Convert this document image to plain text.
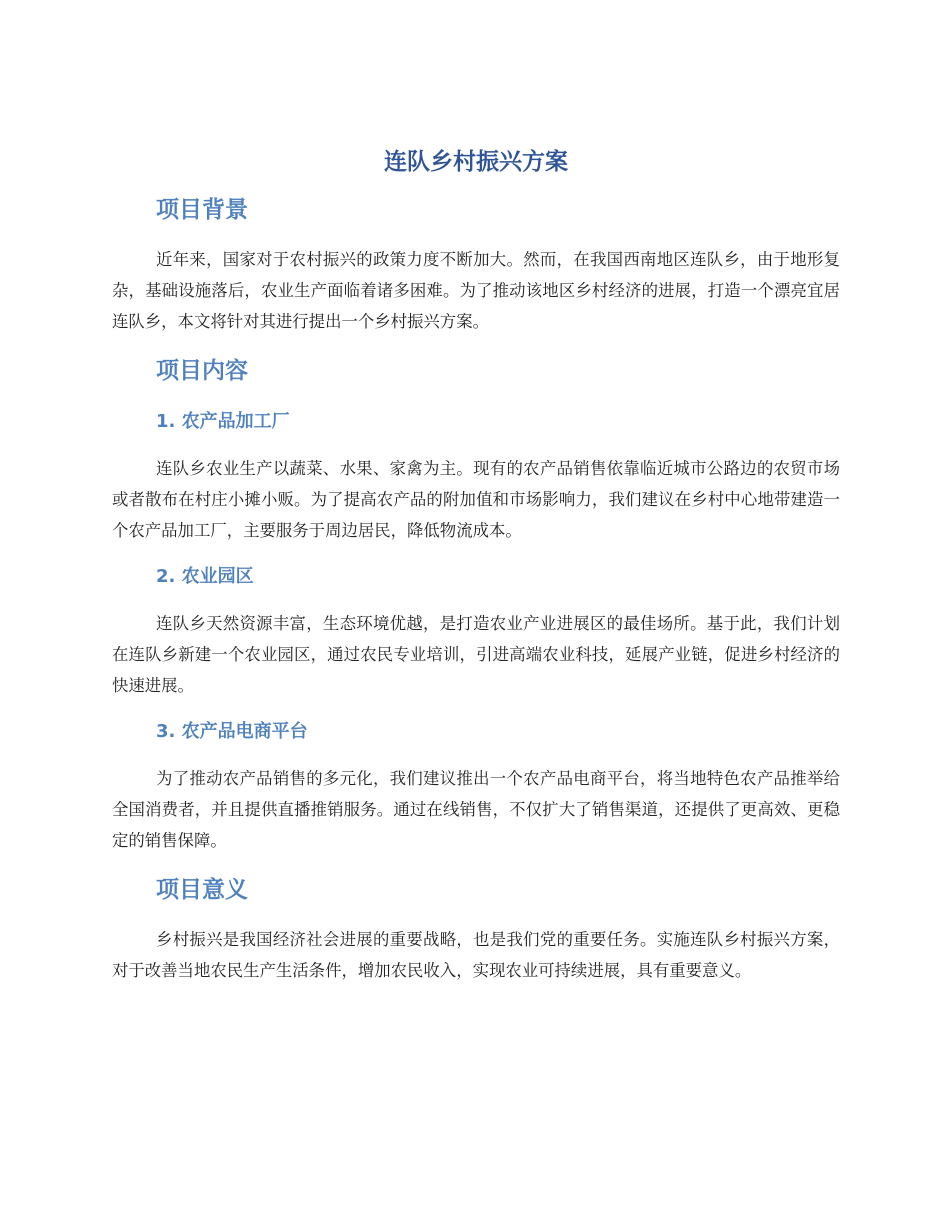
连队乡村振兴方案
项目背景

近年来，国家对于农村振兴的政策力度不断加大。然而，在我国西南地区连队乡，由于地形复杂，基础设施落后，农业生产面临着诸多困难。为了推动该地区乡村经济的进展，打造一个漂亮宜居连队乡，本文将针对其进行提出一个乡村振兴方案。

项目内容
1. 农产品加工厂

连队乡农业生产以蔬菜、水果、家禽为主。现有的农产品销售依靠临近城市公路边的农贸市场或者散布在村庄小摊小贩。为了提高农产品的附加值和市场影响力，我们建议在乡村中心地带建造一个农产品加工厂，主要服务于周边居民，降低物流成本。

2. 农业园区

连队乡天然资源丰富，生态环境优越，是打造农业产业进展区的最佳场所。基于此，我们计划在连队乡新建一个农业园区，通过农民专业培训，引进高端农业科技，延展产业链，促进乡村经济的快速进展。

3. 农产品电商平台

为了推动农产品销售的多元化，我们建议推出一个农产品电商平台，将当地特色农产品推举给全国消费者，并且提供直播推销服务。通过在线销售，不仅扩大了销售渠道，还提供了更高效、更稳定的销售保障。

项目意义

乡村振兴是我国经济社会进展的重要战略，也是我们党的重要任务。实施连队乡村振兴方案，对于改善当地农民生产生活条件，增加农民收入，实现农业可持续进展，具有重要意义。
